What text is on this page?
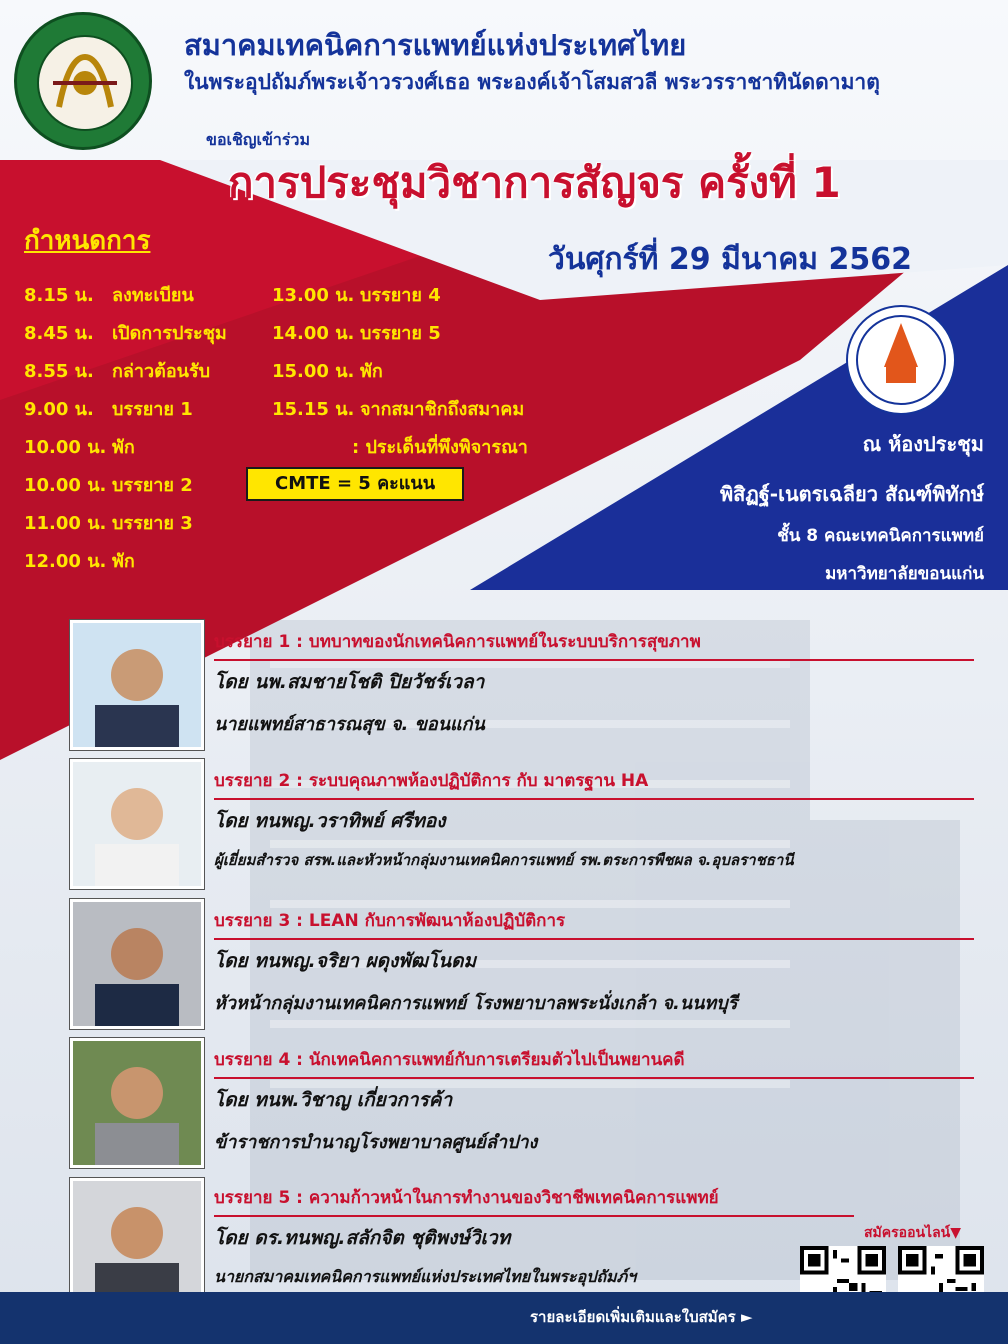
สมาคมเทคนิคการแพทย์แห่งประเทศไทย
ในพระอุปถัมภ์พระเจ้าวรวงศ์เธอ พระองค์เจ้าโสมสวลี พระวรราชาทินัดดามาตุ
ขอเชิญเข้าร่วม
การประชุมวิชาการสัญจร ครั้งที่ 1
วันศุกร์ที่ 29 มีนาคม 2562
กำหนดการ
8.15 น. ลงทะเบียน
8.45 น. เปิดการประชุม
8.55 น. กล่าวต้อนรับ
9.00 น. บรรยาย 1
10.00 น. พัก
10.00 น. บรรยาย 2
11.00 น. บรรยาย 3
12.00 น. พัก
13.00 น. บรรยาย 4
14.00 น. บรรยาย 5
15.00 น. พัก
15.15 น. จากสมาชิกถึงสมาคม
: ประเด็นที่พึงพิจารณา
CMTE = 5 คะแนน
ณ ห้องประชุม
พิสิฏฐ์-เนตรเฉลียว สัณฑ์พิทักษ์
ชั้น 8 คณะเทคนิคการแพทย์
มหาวิทยาลัยขอนแก่น
บรรยาย 1 : บทบาทของนักเทคนิคการแพทย์ในระบบบริการสุขภาพ
โดย นพ.สมชายโชติ ปิยวัชร์เวลา
นายแพทย์สาธารณสุข จ. ขอนแก่น
บรรยาย 2 : ระบบคุณภาพห้องปฏิบัติการ กับ มาตรฐาน HA
โดย ทนพญ.วราทิพย์ ศรีทอง
ผู้เยี่ยมสำรวจ สรพ.และหัวหน้ากลุ่มงานเทคนิคการแพทย์ รพ.ตระการพืชผล จ.อุบลราชธานี
บรรยาย 3 : LEAN กับการพัฒนาห้องปฏิบัติการ
โดย ทนพญ.จริยา ผดุงพัฒโนดม
หัวหน้ากลุ่มงานเทคนิคการแพทย์ โรงพยาบาลพระนั่งเกล้า จ.นนทบุรี
บรรยาย 4 : นักเทคนิคการแพทย์กับการเตรียมตัวไปเป็นพยานคดี
โดย ทนพ.วิชาญ เกี่ยวการค้า
ข้าราชการบำนาญโรงพยาบาลศูนย์ลำปาง
บรรยาย 5 : ความก้าวหน้าในการทำงานของวิชาชีพเทคนิคการแพทย์
โดย ดร.ทนพญ.สลักจิต ชุติพงษ์วิเวท
นายกสมาคมเทคนิคการแพทย์แห่งประเทศไทยในพระอุปถัมภ์ฯ
สมัครออนไลน์▼
รายละเอียดเพิ่มเติมและใบสมัคร ►
